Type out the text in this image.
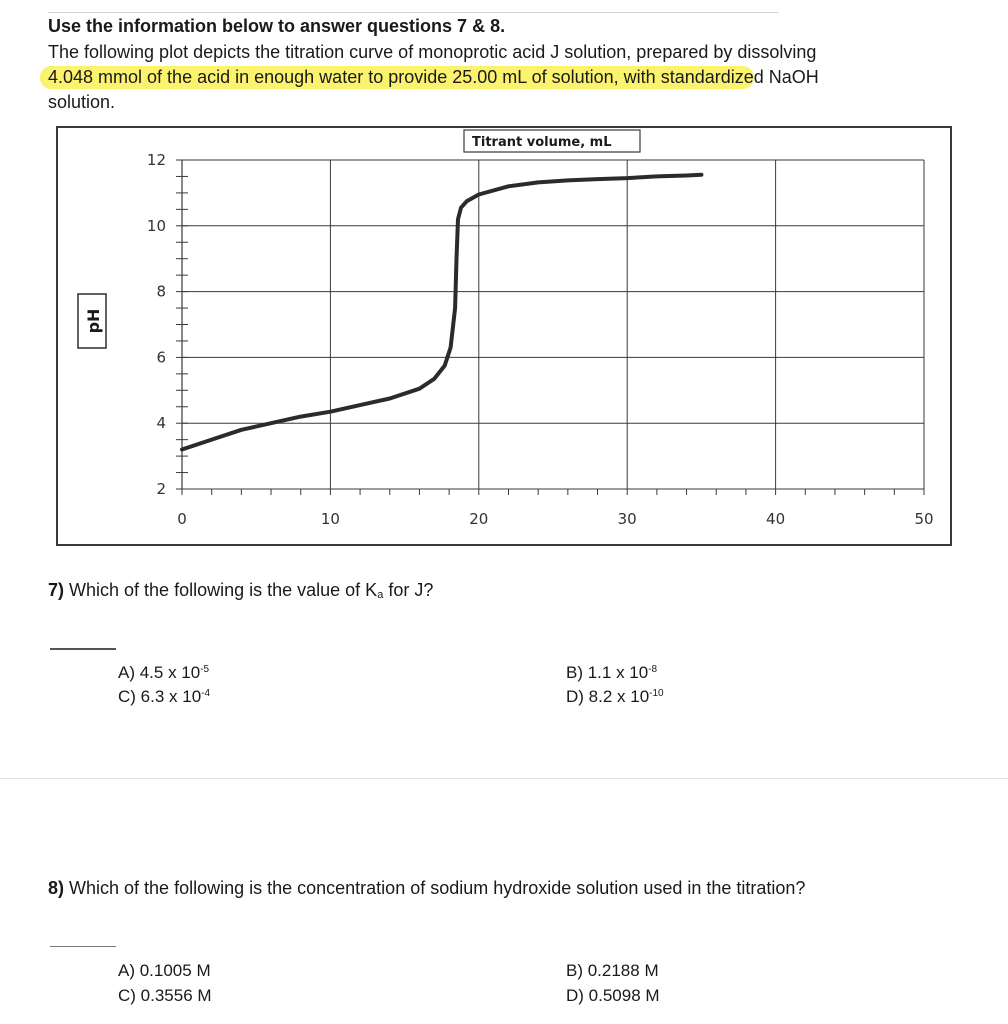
Use the information below to answer questions 7 & 8.
The following plot depicts the titration curve of monoprotic acid J solution, prepared by dissolving
4.048 mmol of the acid in enough water to provide 25.00 mL of solution, with standardized NaOH
solution.
0	10	20	30	40	50
2
4
6
8
10
12
Titrant volume, mL
pH
7) Which of the following is the value of Ka for J?
A) 4.5 x $10^{-5}$
C) 6.3 x $10^{-4}$
B) 1.1 x $10^{-8}$
D) 8.2 x $10^{-10}$
8) Which of the following is the concentration of sodium hydroxide solution used in the titration?
A) 0.1005 M
C) 0.3556 M
B) 0.2188 M
D) 0.5098 M
